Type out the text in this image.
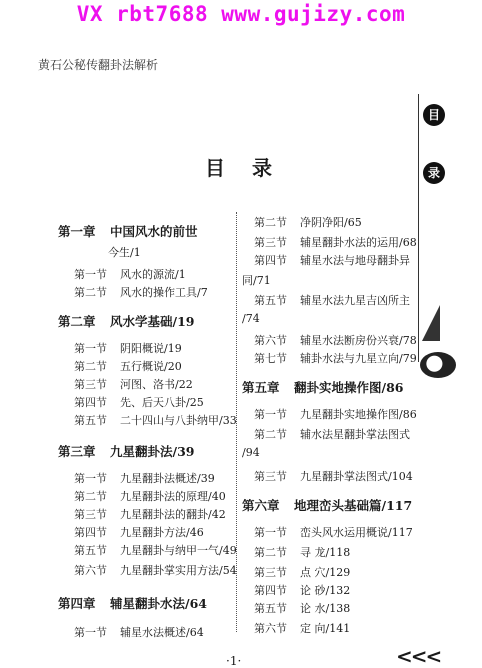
VX rbt7688 www.gujizy.com
黄石公秘传翻卦法解析
目
录
目 录
·1·	<<<
第一章 中国风水的前世
今生/1
第一节 风水的源流/1
第二节 风水的操作工具/7
第二章 风水学基础/19
第一节 阴阳概说/19
第二节 五行概说/20
第三节 河图、洛书/22
第四节 先、后天八卦/25
第五节 二十四山与八卦纳甲/33
第三章 九星翻卦法/39
第一节 九星翻卦法概述/39
第二节 九星翻卦法的原理/40
第三节 九星翻卦法的翻卦/42
第四节 九星翻卦方法/46
第五节 九星翻卦与纳甲一气/49
第六节 九星翻卦掌实用方法/54
第四章 辅星翻卦水法/64
第一节 辅星水法概述/64
第二节 净阴净阳/65
第三节 辅星翻卦水法的运用/68
第四节 辅星水法与地母翻卦异
同/71
第五节 辅星水法九星吉凶所主
/74
第六节 辅星水法断房份兴衰/78
第七节 辅卦水法与九星立向/79
第五章 翻卦实地操作图/86
第一节 九星翻卦实地操作图/86
第二节 辅水法星翻卦掌法图式
/94
第三节 九星翻卦掌法图式/104
第六章 地理峦头基础篇/117
第一节 峦头风水运用概说/117
第二节 寻 龙/118
第三节 点 穴/129
第四节 论 砂/132
第五节 论 水/138
第六节 定 向/141
